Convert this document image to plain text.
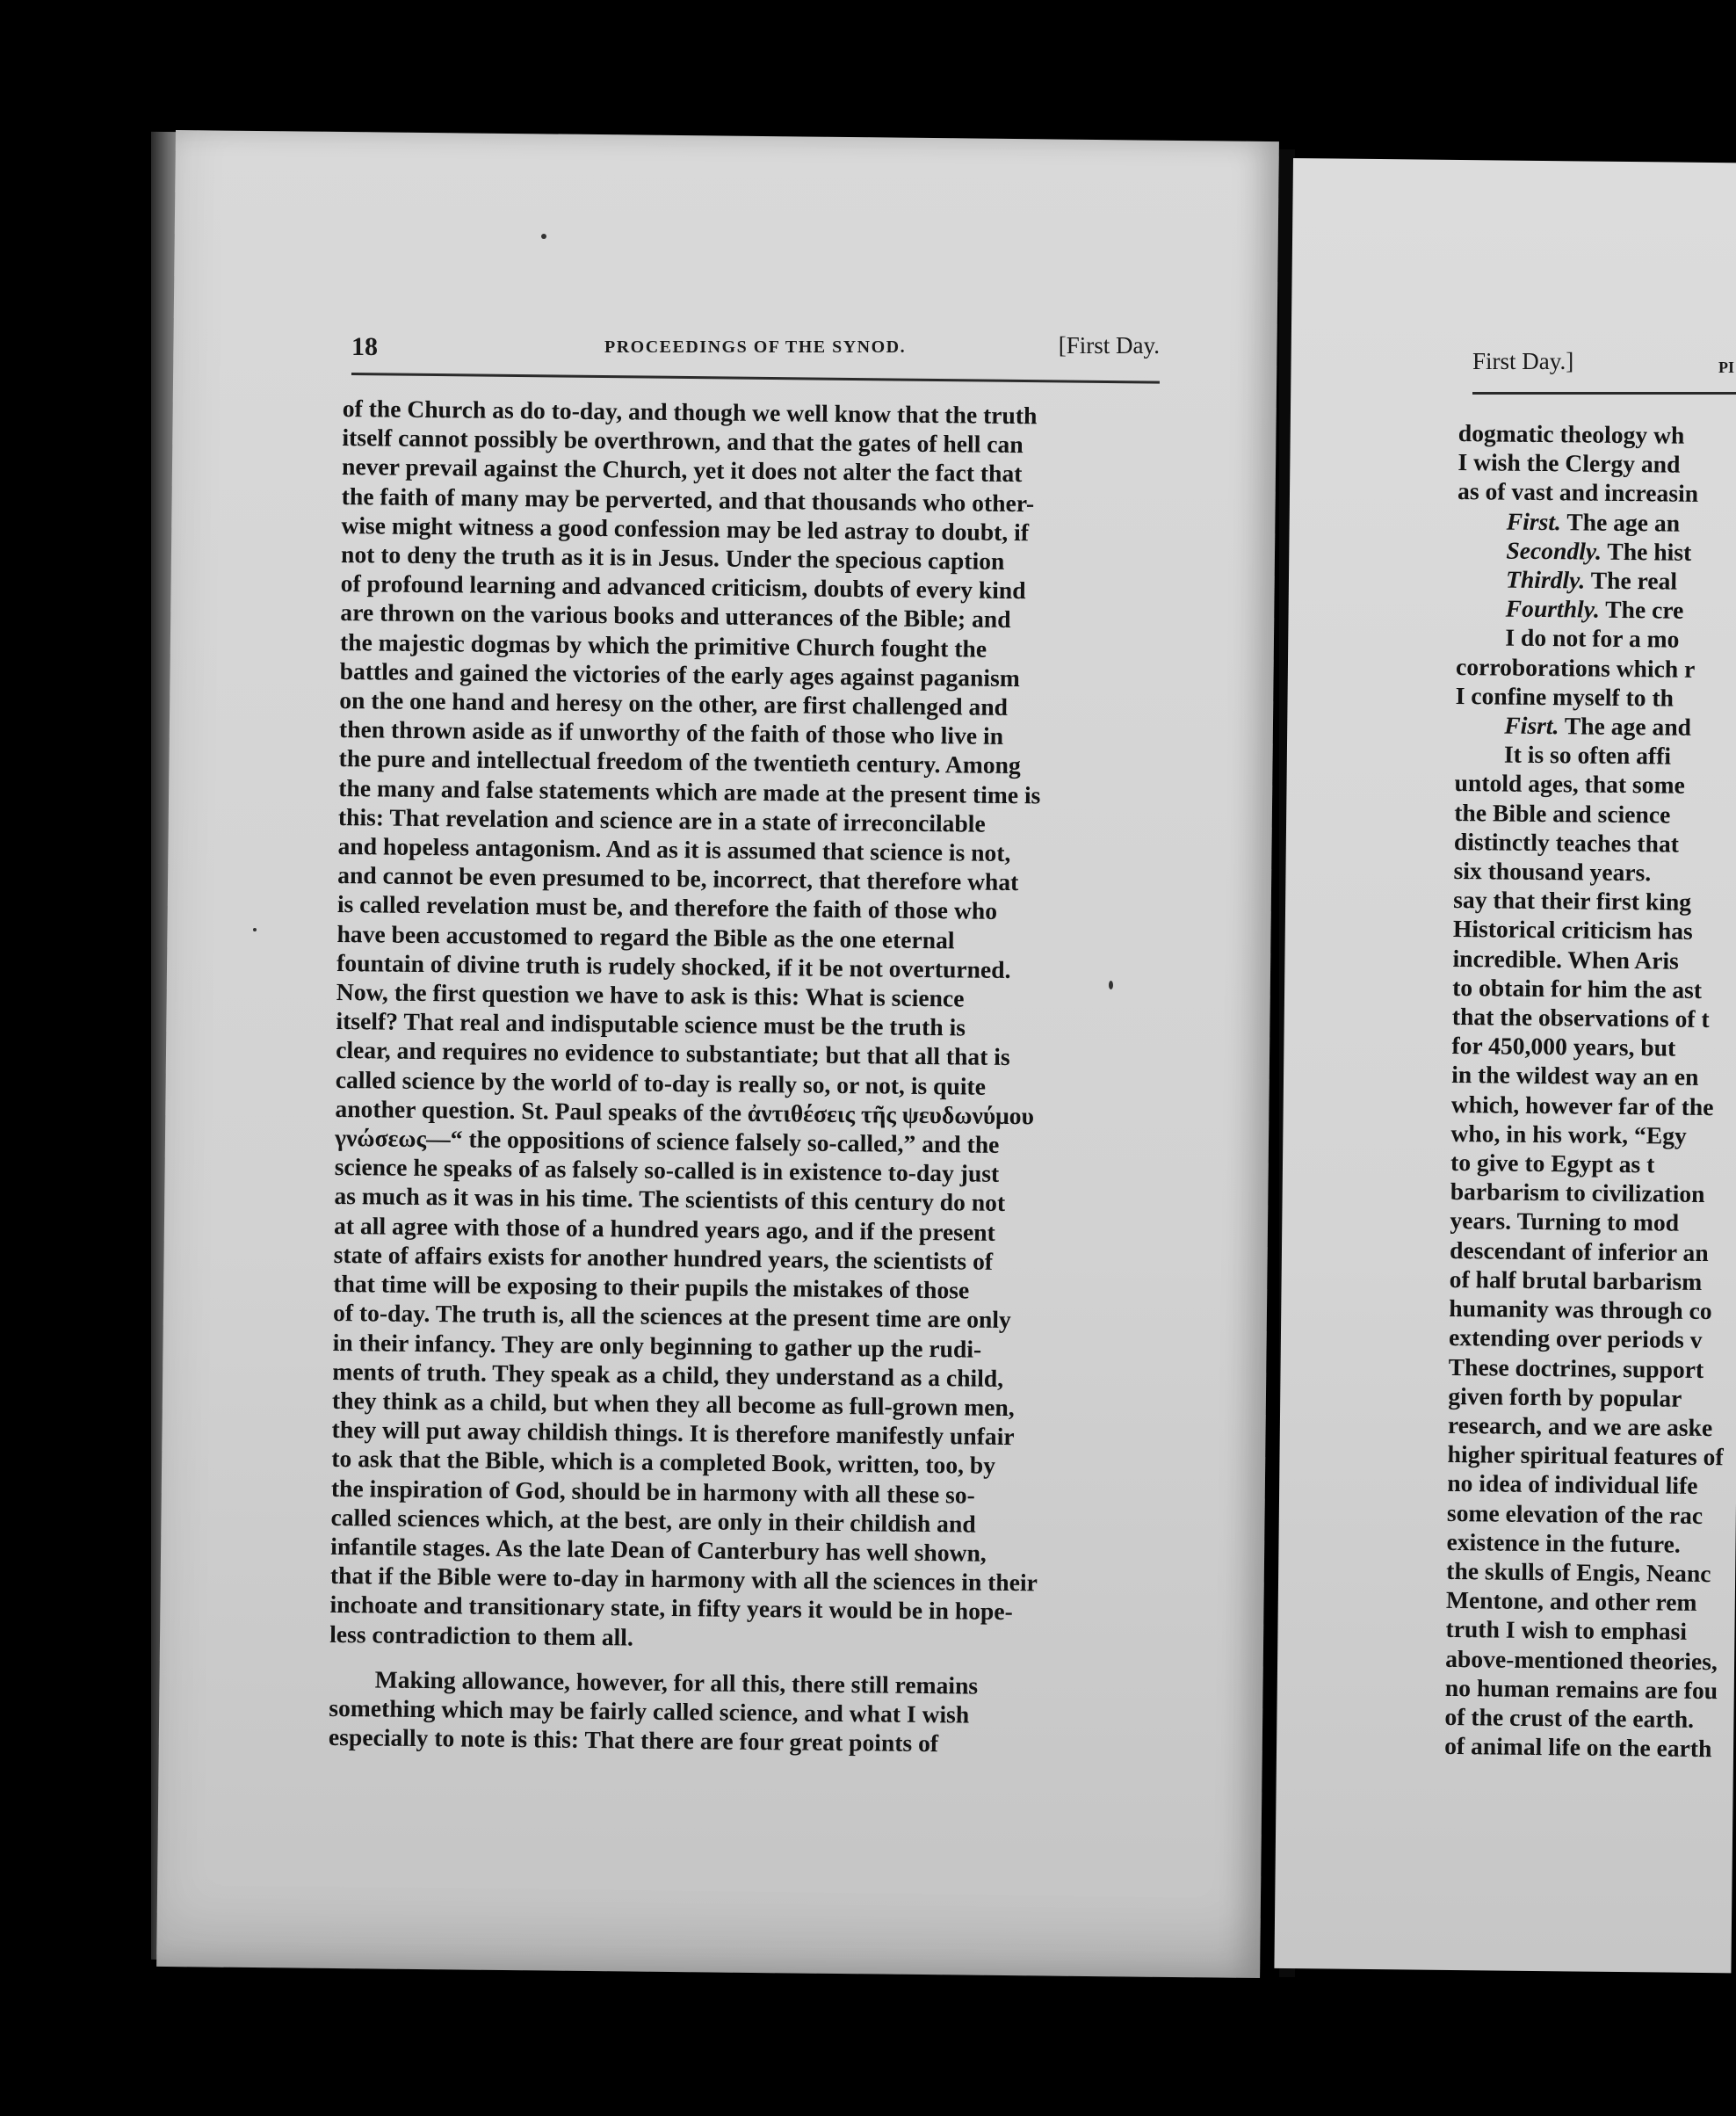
18	PROCEEDINGS OF THE SYNOD.	[First Day.
of the Church as do to-day, and though we well know that the truth
itself cannot possibly be overthrown, and that the gates of hell can
never prevail against the Church, yet it does not alter the fact that
the faith of many may be perverted, and that thousands who other-
wise might witness a good confession may be led astray to doubt, if
not to deny the truth as it is in Jesus. Under the specious caption
of profound learning and advanced criticism, doubts of every kind
are thrown on the various books and utterances of the Bible; and
the majestic dogmas by which the primitive Church fought the
battles and gained the victories of the early ages against paganism
on the one hand and heresy on the other, are first challenged and
then thrown aside as if unworthy of the faith of those who live in
the pure and intellectual freedom of the twentieth century. Among
the many and false statements which are made at the present time is
this: That revelation and science are in a state of irreconcilable
and hopeless antagonism. And as it is assumed that science is not,
and cannot be even presumed to be, incorrect, that therefore what
is called revelation must be, and therefore the faith of those who
have been accustomed to regard the Bible as the one eternal
fountain of divine truth is rudely shocked, if it be not overturned.
Now, the first question we have to ask is this: What is science
itself? That real and indisputable science must be the truth is
clear, and requires no evidence to substantiate; but that all that is
called science by the world of to-day is really so, or not, is quite
another question. St. Paul speaks of the ἀντιθέσεις τῆς ψευδωνύμου
γνώσεως—“ the oppositions of science falsely so-called,” and the
science he speaks of as falsely so-called is in existence to-day just
as much as it was in his time. The scientists of this century do not
at all agree with those of a hundred years ago, and if the present
state of affairs exists for another hundred years, the scientists of
that time will be exposing to their pupils the mistakes of those
of to-day. The truth is, all the sciences at the present time are only
in their infancy. They are only beginning to gather up the rudi-
ments of truth. They speak as a child, they understand as a child,
they think as a child, but when they all become as full-grown men,
they will put away childish things. It is therefore manifestly unfair
to ask that the Bible, which is a completed Book, written, too, by
the inspiration of God, should be in harmony with all these so-
called sciences which, at the best, are only in their childish and
infantile stages. As the late Dean of Canterbury has well shown,
that if the Bible were to-day in harmony with all the sciences in their
inchoate and transitionary state, in fifty years it would be in hope-
less contradiction to them all.
Making allowance, however, for all this, there still remains
something which may be fairly called science, and what I wish
especially to note is this: That there are four great points of
First Day.]	PI
dogmatic theology wh
I wish the Clergy and
as of vast and increasin
First. The age an
Secondly. The hist
Thirdly. The real
Fourthly. The cre
I do not for a mo
corroborations which r
I confine myself to th
Fisrt. The age and
It is so often affi
untold ages, that some
the Bible and science
distinctly teaches that
six thousand years.
say that their first king
Historical criticism has
incredible. When Aris
to obtain for him the ast
that the observations of t
for 450,000 years, but
in the wildest way an en
which, however far of the
who, in his work, “Egy
to give to Egypt as t
barbarism to civilization
years. Turning to mod
descendant of inferior an
of half brutal barbarism
humanity was through co
extending over periods v
These doctrines, support
given forth by popular
research, and we are aske
higher spiritual features of
no idea of individual life
some elevation of the rac
existence in the future.
the skulls of Engis, Neanc
Mentone, and other rem
truth I wish to emphasi
above-mentioned theories,
no human remains are fou
of the crust of the earth.
of animal life on the earth
